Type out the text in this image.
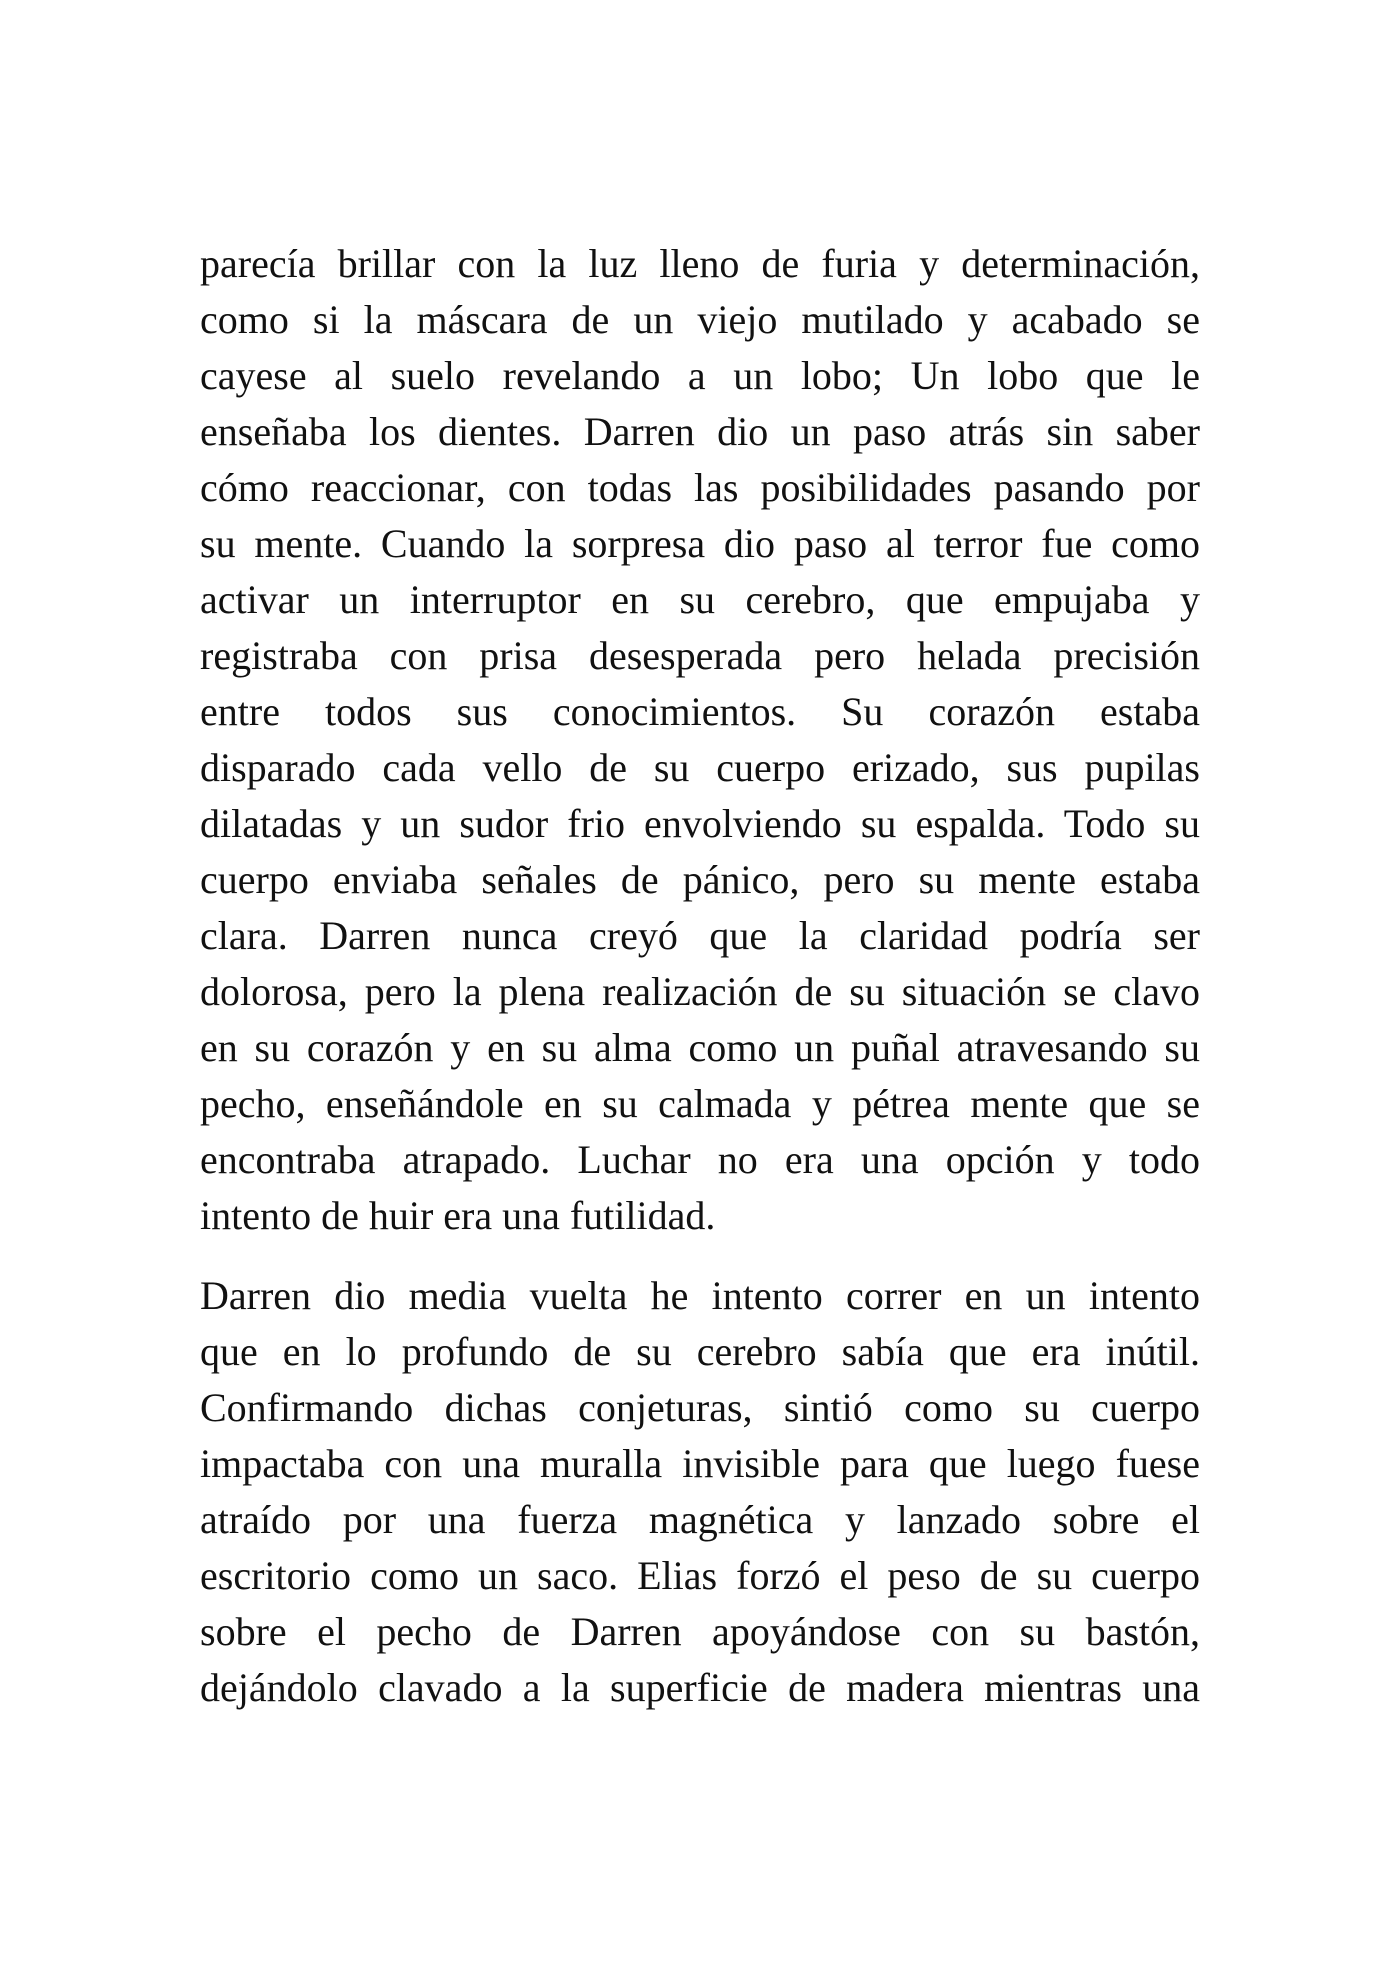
parecía brillar con la luz lleno de furia y determinación,
como si la máscara de un viejo mutilado y acabado se
cayese al suelo revelando a un lobo; Un lobo que le
enseñaba los dientes. Darren dio un paso atrás sin saber
cómo reaccionar, con todas las posibilidades pasando por
su mente. Cuando la sorpresa dio paso al terror fue como
activar un interruptor en su cerebro, que empujaba y
registraba con prisa desesperada pero helada precisión
entre todos sus conocimientos. Su corazón estaba
disparado cada vello de su cuerpo erizado, sus pupilas
dilatadas y un sudor frio envolviendo su espalda. Todo su
cuerpo enviaba señales de pánico, pero su mente estaba
clara. Darren nunca creyó que la claridad podría ser
dolorosa, pero la plena realización de su situación se clavo
en su corazón y en su alma como un puñal atravesando su
pecho, enseñándole en su calmada y pétrea mente que se
encontraba atrapado. Luchar no era una opción y todo
intento de huir era una futilidad.
Darren dio media vuelta he intento correr en un intento
que en lo profundo de su cerebro sabía que era inútil.
Confirmando dichas conjeturas, sintió como su cuerpo
impactaba con una muralla invisible para que luego fuese
atraído por una fuerza magnética y lanzado sobre el
escritorio como un saco. Elias forzó el peso de su cuerpo
sobre el pecho de Darren apoyándose con su bastón,
dejándolo clavado a la superficie de madera mientras una
